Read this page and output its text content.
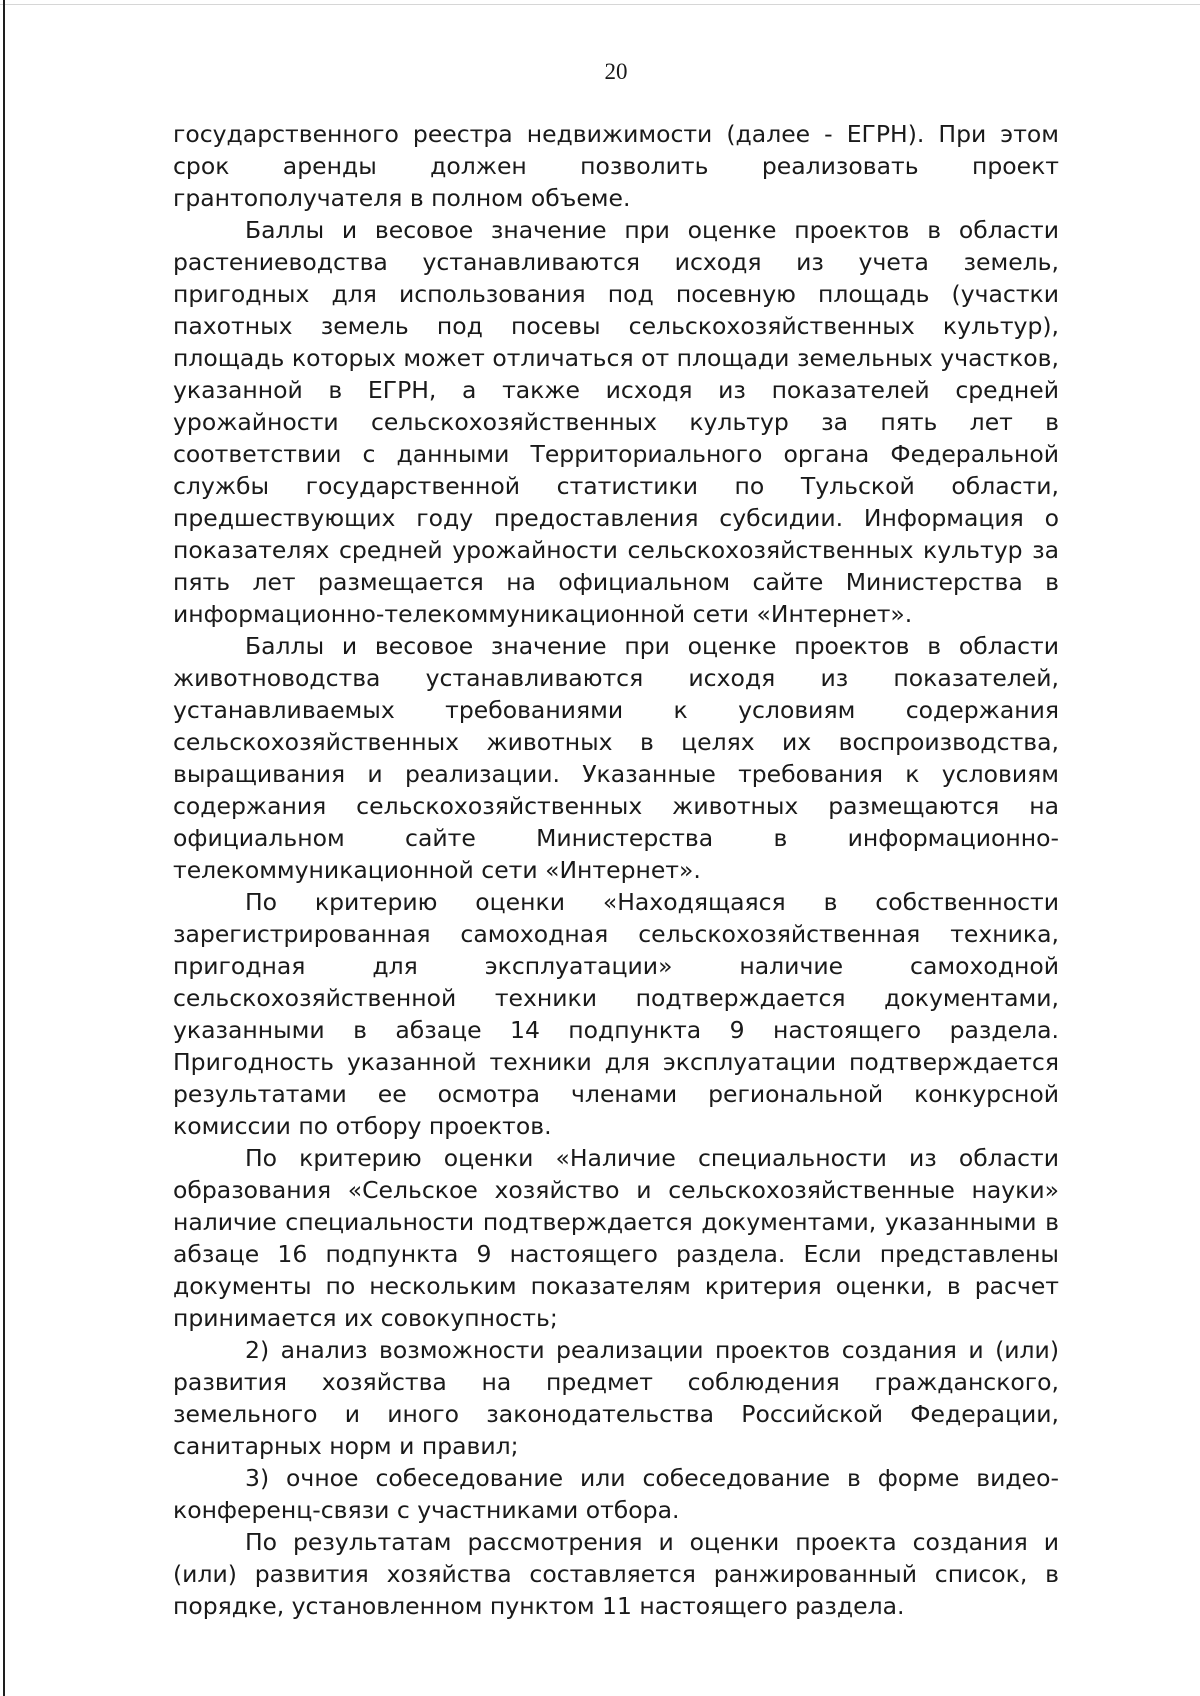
20

государственного реестра недвижимости (далее - ЕГРН). При этом срок аренды должен позволить реализовать проект грантополучателя в полном объеме.

Баллы и весовое значение при оценке проектов в области растениеводства устанавливаются исходя из учета земель, пригодных для использования под посевную площадь (участки пахотных земель под посевы сельскохозяйственных культур), площадь которых может отличаться от площади земельных участков, указанной в ЕГРН, а также исходя из показателей средней урожайности сельскохозяйственных культур за пять лет в соответствии с данными Территориального органа Федеральной службы государственной статистики по Тульской области, предшествующих году предоставления субсидии. Информация о показателях средней урожайности сельскохозяйственных культур за пять лет размещается на официальном сайте Министерства в информационно-телекоммуникационной сети «Интернет».

Баллы и весовое значение при оценке проектов в области животноводства устанавливаются исходя из показателей, устанавливаемых требованиями к условиям содержания сельскохозяйственных животных в целях их воспроизводства, выращивания и реализации. Указанные требования к условиям содержания сельскохозяйственных животных размещаются на официальном сайте Министерства в информационно-телекоммуникационной сети «Интернет».

По критерию оценки «Находящаяся в собственности зарегистрированная самоходная сельскохозяйственная техника, пригодная для эксплуатации» наличие самоходной сельскохозяйственной техники подтверждается документами, указанными в абзаце 14 подпункта 9 настоящего раздела. Пригодность указанной техники для эксплуатации подтверждается результатами ее осмотра членами региональной конкурсной комиссии по отбору проектов.

По критерию оценки «Наличие специальности из области образования «Сельское хозяйство и сельскохозяйственные науки» наличие специальности подтверждается документами, указанными в абзаце 16 подпункта 9 настоящего раздела. Если представлены документы по нескольким показателям критерия оценки, в расчет принимается их совокупность;

2) анализ возможности реализации проектов создания и (или) развития хозяйства на предмет соблюдения гражданского, земельного и иного законодательства Российской Федерации, санитарных норм и правил;

3) очное собеседование или собеседование в форме видео-конференц-связи с участниками отбора.

По результатам рассмотрения и оценки проекта создания и (или) развития хозяйства составляется ранжированный список, в порядке, установленном пунктом 11 настоящего раздела.
